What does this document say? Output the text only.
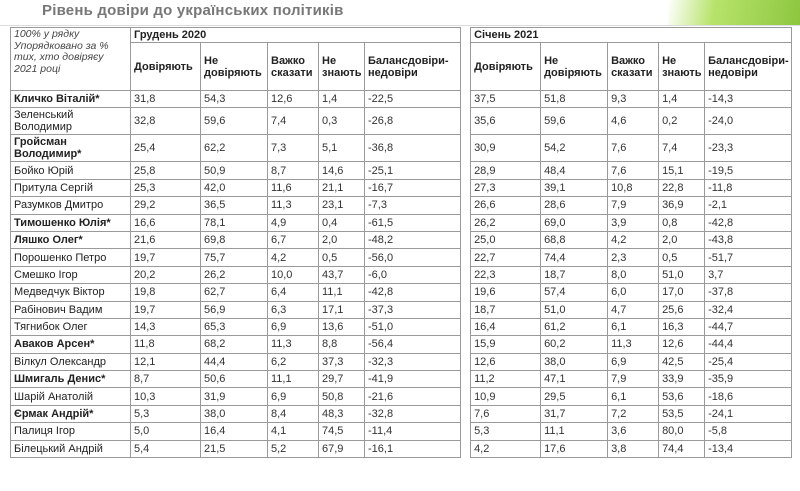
Рівень довіри до українських політиків
100% у рядку Упорядковано за % тих, хто довіряєу 2021 році	Грудень 2020						Січень 2021				
	Довіряють	Не довіряють	Важко сказати	Не знають	Балансдовіри-недовіри		Довіряють	Не довіряють	Важко сказати	Не знають	Балансдовіри-недовіри
Кличко Віталій*	31,8	54,3	12,6	1,4	-22,5		37,5	51,8	9,3	1,4	-14,3
Зеленський Володимир	32,8	59,6	7,4	0,3	-26,8		35,6	59,6	4,6	0,2	-24,0
Гройсман Володимир*	25,4	62,2	7,3	5,1	-36,8		30,9	54,2	7,6	7,4	-23,3
Бойко Юрій	25,8	50,9	8,7	14,6	-25,1		28,9	48,4	7,6	15,1	-19,5
Притула Сергій	25,3	42,0	11,6	21,1	-16,7		27,3	39,1	10,8	22,8	-11,8
Разумков Дмитро	29,2	36,5	11,3	23,1	-7,3		26,6	28,6	7,9	36,9	-2,1
Тимошенко Юлія*	16,6	78,1	4,9	0,4	-61,5		26,2	69,0	3,9	0,8	-42,8
Ляшко Олег*	21,6	69,8	6,7	2,0	-48,2		25,0	68,8	4,2	2,0	-43,8
Порошенко Петро	19,7	75,7	4,2	0,5	-56,0		22,7	74,4	2,3	0,5	-51,7
Смешко Ігор	20,2	26,2	10,0	43,7	-6,0		22,3	18,7	8,0	51,0	3,7
Медведчук Віктор	19,8	62,7	6,4	11,1	-42,8		19,6	57,4	6,0	17,0	-37,8
Рабінович Вадим	19,7	56,9	6,3	17,1	-37,3		18,7	51,0	4,7	25,6	-32,4
Тягнибок Олег	14,3	65,3	6,9	13,6	-51,0		16,4	61,2	6,1	16,3	-44,7
Аваков Арсен*	11,8	68,2	11,3	8,8	-56,4		15,9	60,2	11,3	12,6	-44,4
Вілкул Олександр	12,1	44,4	6,2	37,3	-32,3		12,6	38,0	6,9	42,5	-25,4
Шмигаль Денис*	8,7	50,6	11,1	29,7	-41,9		11,2	47,1	7,9	33,9	-35,9
Шарій Анатолій	10,3	31,9	6,9	50,8	-21,6		10,9	29,5	6,1	53,6	-18,6
Єрмак Андрій*	5,3	38,0	8,4	48,3	-32,8		7,6	31,7	7,2	53,5	-24,1
Палиця Ігор	5,0	16,4	4,1	74,5	-11,4		5,3	11,1	3,6	80,0	-5,8
Білецький Андрій	5,4	21,5	5,2	67,9	-16,1		4,2	17,6	3,8	74,4	-13,4
